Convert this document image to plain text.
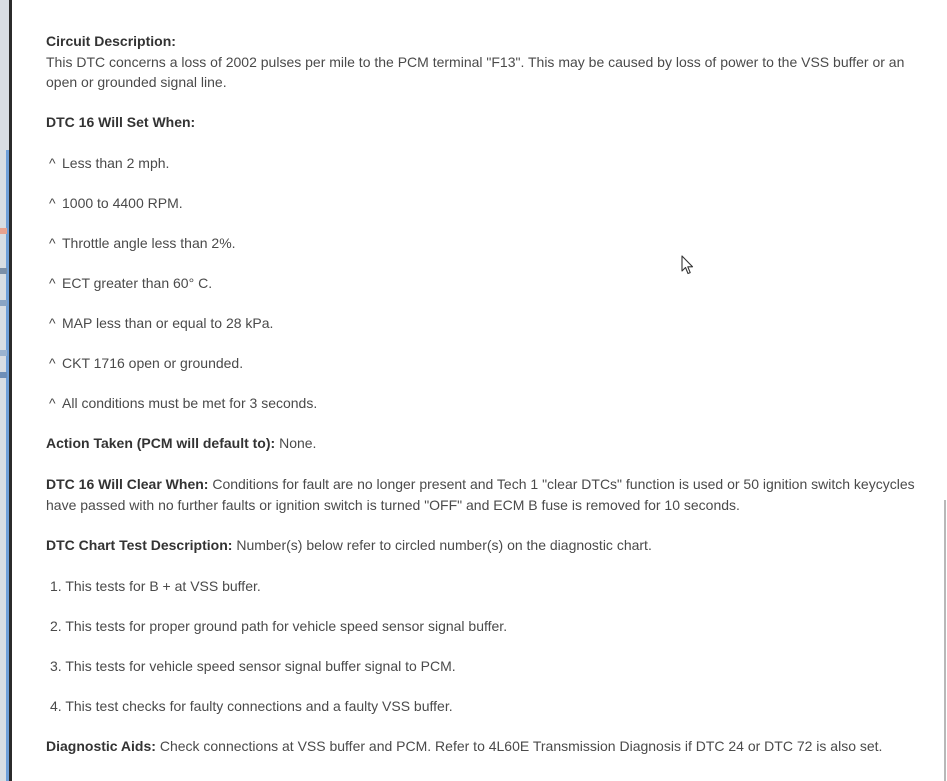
Circuit Description:
This DTC concerns a loss of 2002 pulses per mile to the PCM terminal "F13". This may be caused by loss of power to the VSS buffer or an open or grounded signal line.

DTC 16 Will Set When:
^ Less than 2 mph.
^ 1000 to 4400 RPM.
^ Throttle angle less than 2%.
^ ECT greater than 60° C.
^ MAP less than or equal to 28 kPa.
^ CKT 1716 open or grounded.
^ All conditions must be met for 3 seconds.
Action Taken (PCM will default to): None.

DTC 16 Will Clear When: Conditions for fault are no longer present and Tech 1 "clear DTCs" function is used or 50 ignition switch keycycles have passed with no further faults or ignition switch is turned "OFF" and ECM B fuse is removed for 10 seconds.

DTC Chart Test Description: Number(s) below refer to circled number(s) on the diagnostic chart.
1. This tests for B + at VSS buffer.
2. This tests for proper ground path for vehicle speed sensor signal buffer.
3. This tests for vehicle speed sensor signal buffer signal to PCM.
4. This test checks for faulty connections and a faulty VSS buffer.
Diagnostic Aids: Check connections at VSS buffer and PCM. Refer to 4L60E Transmission Diagnosis if DTC 24 or DTC 72 is also set.
